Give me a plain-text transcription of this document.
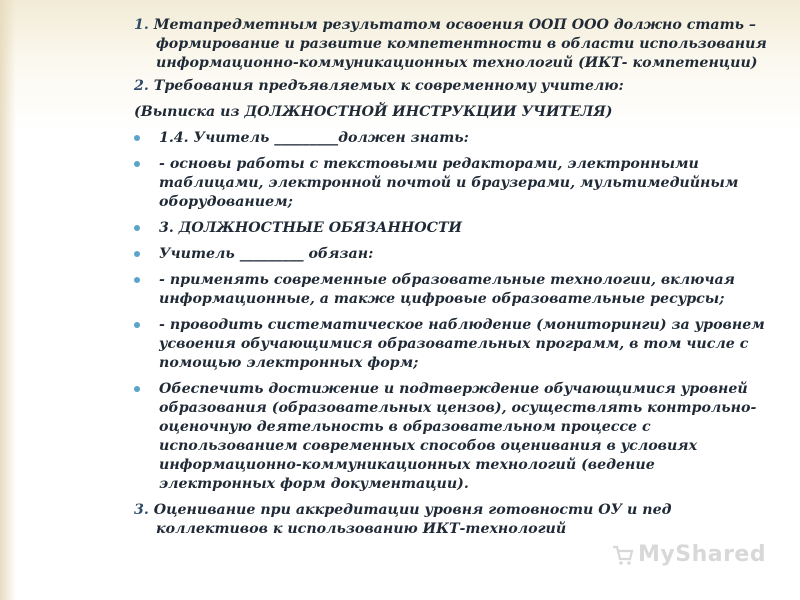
1. Метапредметным результатом освоения ООП ООО должно стать – формирование и развитие компетентности в области использования информационно-коммуникационных технологий (ИКТ- компетенции)
2. Требования предъявляемых к современному учителю:
(Выписка из ДОЛЖНОСТНОЙ ИНСТРУКЦИИ УЧИТЕЛЯ)
1.4. Учитель _________должен знать:
- основы работы с текстовыми редакторами, электронными таблицами, электронной почтой и браузерами, мультимедийным оборудованием;
3. ДОЛЖНОСТНЫЕ ОБЯЗАННОСТИ
Учитель _________ обязан:
- применять современные образовательные технологии, включая информационные, а также цифровые образовательные ресурсы;
- проводить систематическое наблюдение (мониторинги) за уровнем усвоения обучающимися образовательных программ, в том числе с помощью электронных форм;
Обеспечить достижение и подтверждение обучающимися уровней образования (образовательных цензов), осуществлять контрольно-оценочную деятельность в образовательном процессе с использованием современных способов оценивания в условиях информационно-коммуникационных технологий (ведение электронных форм документации).
3. Оценивание при аккредитации уровня готовности ОУ и пед коллективов к использованию ИКТ-технологий
MyShared
